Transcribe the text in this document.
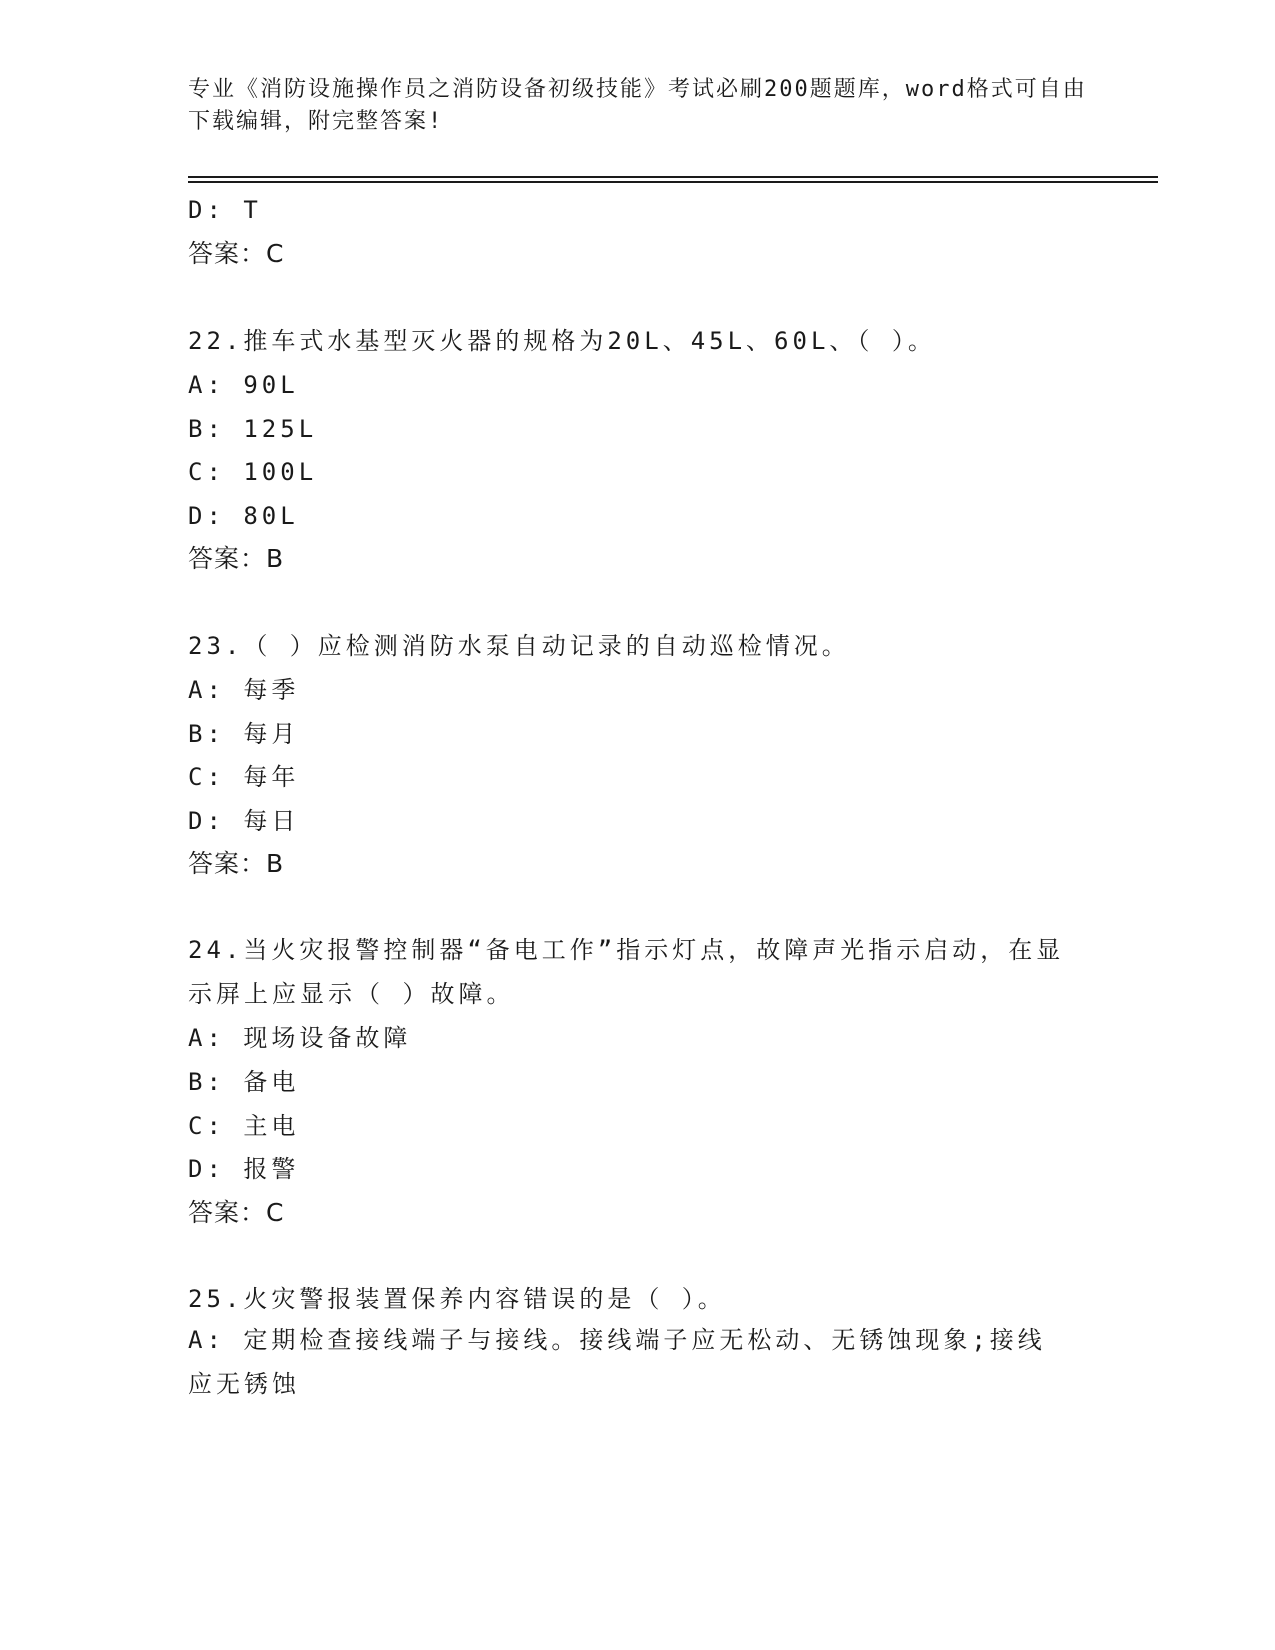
专业《消防设施操作员之消防设备初级技能》考试必刷200题题库，word格式可自由下载编辑，附完整答案!
D: T
答案：C
22.推车式水基型灭火器的规格为20L、45L、60L、（ ）。
A: 90L
B: 125L
C: 100L
D: 80L
答案：B
23.（ ）应检测消防水泵自动记录的自动巡检情况。
A: 每季
B: 每月
C: 每年
D: 每日
答案：B
24.当火灾报警控制器“备电工作”指示灯点，故障声光指示启动，在显示屏上应显示（ ）故障。
A: 现场设备故障
B: 备电
C: 主电
D: 报警
答案：C
25.火灾警报装置保养内容错误的是（ ）。
A: 定期检查接线端子与接线。接线端子应无松动、无锈蚀现象;接线应无锈蚀
